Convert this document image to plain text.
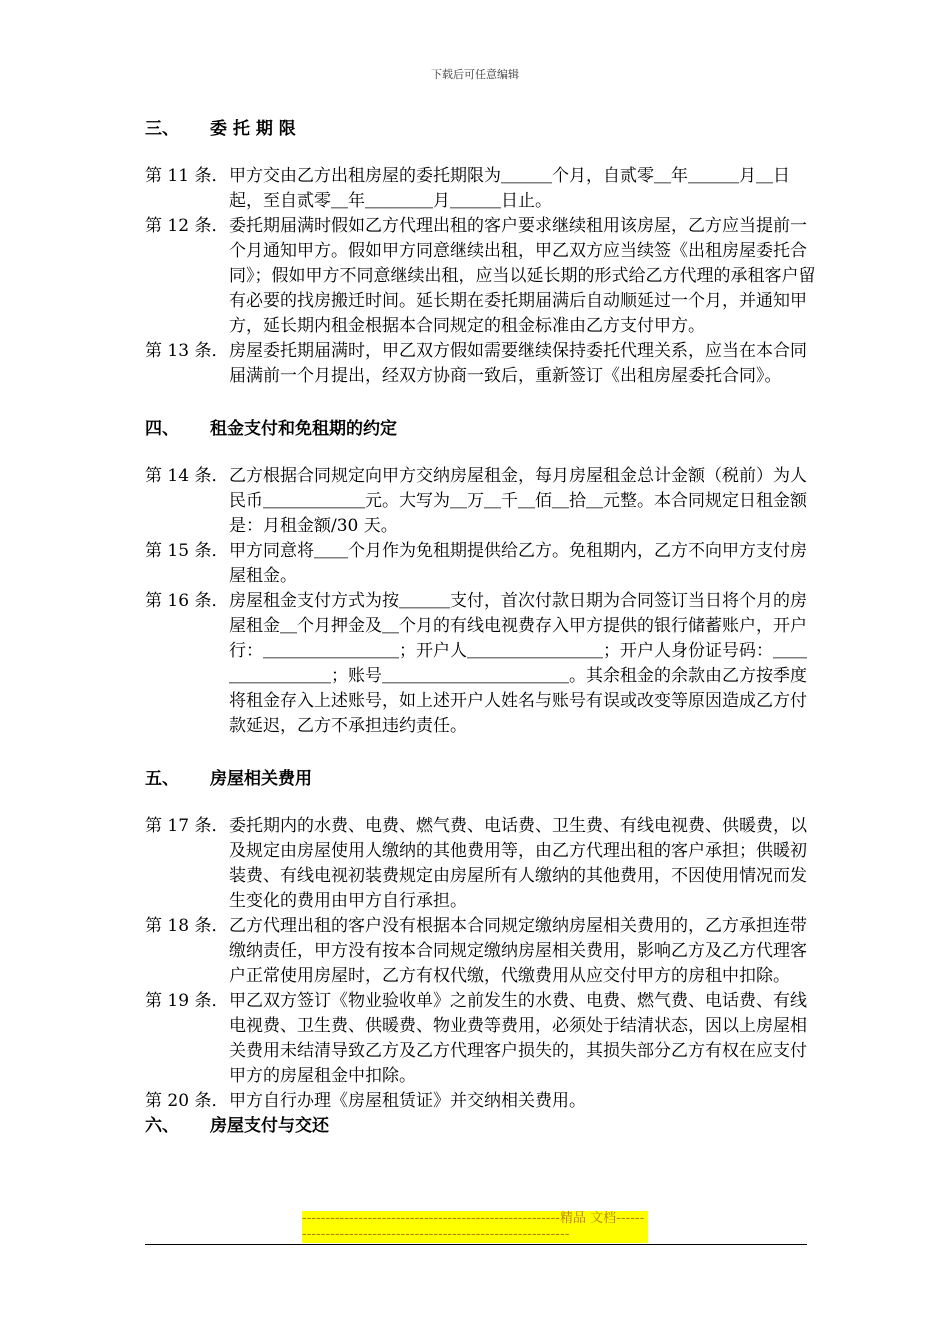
下载后可任意编辑
三、	委 托 期 限
第 11 条． 甲方交由乙方出租房屋的委托期限为＿＿＿个月，自贰零＿年＿＿＿月＿日起，至自贰零＿年＿＿＿＿月＿＿＿日止。
第 12 条． 委托期届满时假如乙方代理出租的客户要求继续租用该房屋，乙方应当提前一个月通知甲方。假如甲方同意继续出租，甲乙双方应当续签《出租房屋委托合同》；假如甲方不同意继续出租，应当以延长期的形式给乙方代理的承租客户留有必要的找房搬迁时间。延长期在委托期届满后自动顺延过一个月，并通知甲方，延长期内租金根据本合同规定的租金标准由乙方支付甲方。
第 13 条． 房屋委托期届满时，甲乙双方假如需要继续保持委托代理关系，应当在本合同届满前一个月提出，经双方协商一致后，重新签订《出租房屋委托合同》。
四、	租金支付和免租期的约定
第 14 条． 乙方根据合同规定向甲方交纳房屋租金，每月房屋租金总计金额（税前）为人民币＿＿＿＿＿＿元。大写为＿万＿千＿佰＿拾＿元整。本合同规定日租金额是：月租金额/30 天。
第 15 条． 甲方同意将＿＿个月作为免租期提供给乙方。免租期内，乙方不向甲方支付房屋租金。
第 16 条． 房屋租金支付方式为按＿＿＿支付，首次付款日期为合同签订当日将个月的房屋租金＿个月押金及＿个月的有线电视费存入甲方提供的银行储蓄账户，开户行：＿＿＿＿＿＿＿＿；开户人＿＿＿＿＿＿＿＿；开户人身份证号码：＿＿＿＿＿＿＿＿；账号＿＿＿＿＿＿＿＿＿＿＿。其余租金的余款由乙方按季度将租金存入上述账号，如上述开户人姓名与账号有误或改变等原因造成乙方付款延迟，乙方不承担违约责任。
五、	房屋相关费用
第 17 条． 委托期内的水费、电费、燃气费、电话费、卫生费、有线电视费、供暖费，以及规定由房屋使用人缴纳的其他费用等，由乙方代理出租的客户承担；供暖初装费、有线电视初装费规定由房屋所有人缴纳的其他费用，不因使用情况而发生变化的费用由甲方自行承担。
第 18 条． 乙方代理出租的客户没有根据本合同规定缴纳房屋相关费用的，乙方承担连带缴纳责任，甲方没有按本合同规定缴纳房屋相关费用，影响乙方及乙方代理客户正常使用房屋时，乙方有权代缴，代缴费用从应交付甲方的房租中扣除。
第 19 条． 甲乙双方签订《物业验收单》之前发生的水费、电费、燃气费、电话费、有线电视费、卫生费、供暖费、物业费等费用，必须处于结清状态，因以上房屋相关费用未结清导致乙方及乙方代理客户损失的，其损失部分乙方有权在应支付甲方的房屋租金中扣除。
第 20 条． 甲方自行办理《房屋租赁证》并交纳相关费用。
六、	房屋支付与交还
-------------------------------------------------------精品 文档---------------------------------------------------------------
